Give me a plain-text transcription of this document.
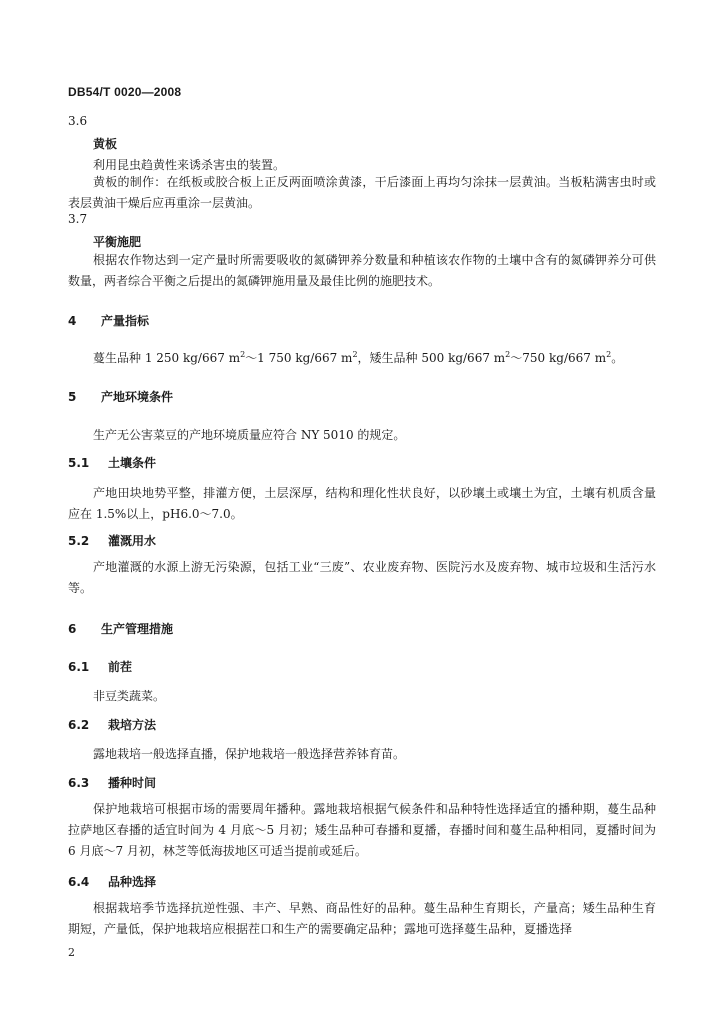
DB54/T 0020—2008
3.6
黄板
利用昆虫趋黄性来诱杀害虫的装置。
黄板的制作：在纸板或胶合板上正反两面喷涂黄漆，干后漆面上再均匀涂抹一层黄油。当板粘满害虫时或表层黄油干燥后应再重涂一层黄油。
3.7
平衡施肥
根据农作物达到一定产量时所需要吸收的氮磷钾养分数量和种植该农作物的土壤中含有的氮磷钾养分可供数量，两者综合平衡之后提出的氮磷钾施用量及最佳比例的施肥技术。
4 产量指标
蔓生品种 1 250 kg/667 $m^2\sim 1$ 750 kg/667 $m^2$，矮生品种 500 kg/667 $m^2\sim 750$ kg/667 $m^2$。
5 产地环境条件
生产无公害菜豆的产地环境质量应符合 NY 5010 的规定。
5.1 土壤条件
产地田块地势平整，排灌方便，土层深厚，结构和理化性状良好，以砂壤土或壤土为宜，土壤有机质含量应在 1.5%以上，pH6.0～7.0。
5.2 灌溉用水
产地灌溉的水源上游无污染源，包括工业“三废”、农业废弃物、医院污水及废弃物、城市垃圾和生活污水等。
6 生产管理措施
6.1 前茬
非豆类蔬菜。
6.2 栽培方法
露地栽培一般选择直播，保护地栽培一般选择营养钵育苗。
6.3 播种时间
保护地栽培可根据市场的需要周年播种。露地栽培根据气候条件和品种特性选择适宜的播种期，蔓生品种拉萨地区春播的适宜时间为 4 月底～5 月初；矮生品种可春播和夏播，春播时间和蔓生品种相同，夏播时间为 6 月底～7 月初，林芝等低海拔地区可适当提前或延后。
6.4 品种选择
根据栽培季节选择抗逆性强、丰产、早熟、商品性好的品种。蔓生品种生育期长，产量高；矮生品种生育期短，产量低，保护地栽培应根据茬口和生产的需要确定品种；露地可选择蔓生品种，夏播选择
2
